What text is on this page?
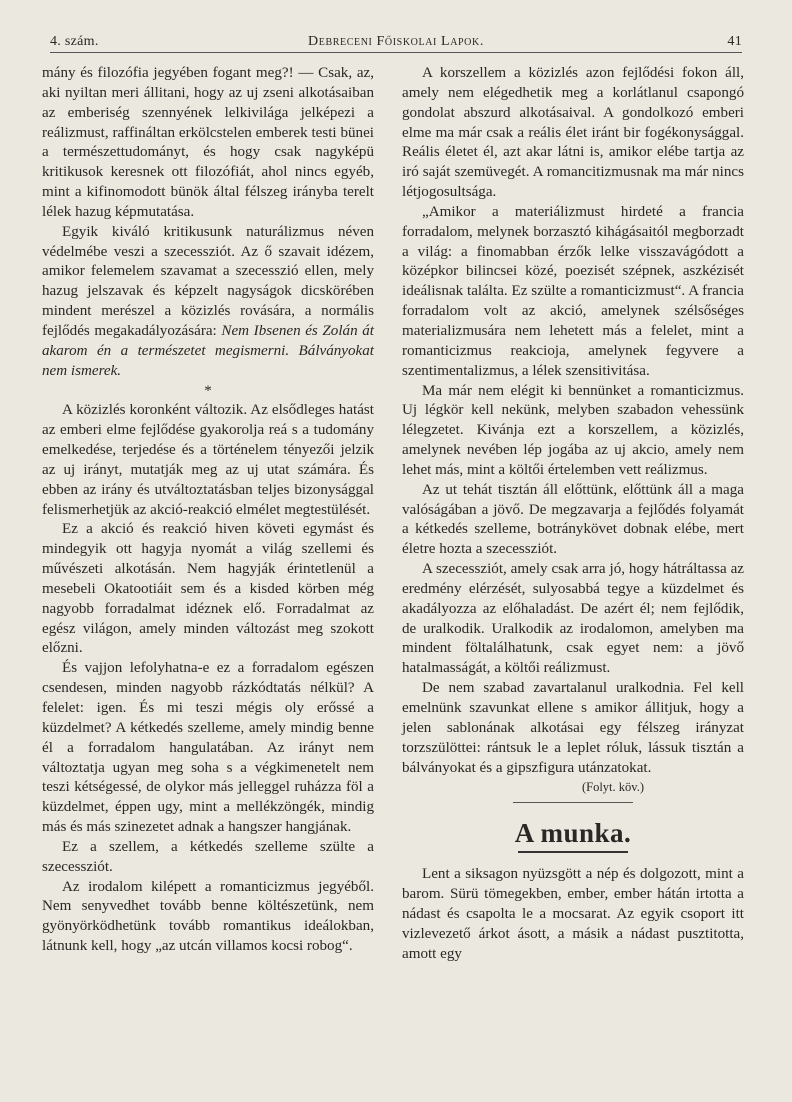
4. szám.	Debreceni Főiskolai Lapok.	41

mány és filozófia jegyében fogant meg?! — Csak, az, aki nyiltan meri állitani, hogy az uj zseni alkotásaiban az emberiség szennyének lelkivilága jelképezi a reálizmust, raffináltan erkölcstelen emberek testi bünei a természettudományt, és hogy csak nagyképü kritikusok keresnek ott filozófiát, ahol nincs egyéb, mint a kifinomodott bünök által félszeg irányba terelt lélek hazug képmutatása.

Egyik kiváló kritikusunk naturálizmus néven védelmébe veszi a szecessziót. Az ő szavait idézem, amikor felemelem szavamat a szecesszió ellen, mely hazug jelszavak és képzelt nagyságok dicskörében mindent merészel a közizlés rovására, a normális fejlődés megakadályozására: Nem Ibsenen és Zolán át akarom én a természetet megismerni. Bálványokat nem ismerek.

*

A közizlés koronként változik. Az elsődleges hatást az emberi elme fejlődése gyakorolja reá s a tudomány emelkedése, terjedése és a történelem tényezői jelzik az uj irányt, mutatják meg az uj utat számára. És ebben az irány és utváltoztatásban teljes bizonysággal felismerhetjük az akció-reakció elmélet megtestülését.

Ez a akció és reakció hiven követi egymást és mindegyik ott hagyja nyomát a világ szellemi és művészeti alkotásán. Nem hagyják érintetlenül a mesebeli Okatootiáit sem és a kisded körben még nagyobb forradalmat idéznek elő. Forradalmat az egész világon, amely minden változást meg szokott előzni.

És vajjon lefolyhatna-e ez a forradalom egészen csendesen, minden nagyobb rázkódtatás nélkül? A felelet: igen. És mi teszi mégis oly erőssé a küzdelmet? A kétkedés szelleme, amely mindig benne él a forradalom hangulatában. Az irányt nem változtatja ugyan meg soha s a végkimenetelt nem teszi kétségessé, de olykor más jelleggel ruházza föl a küzdelmet, éppen ugy, mint a mellékzöngék, mindig más és más szinezetet adnak a hangszer hangjának.

Ez a szellem, a kétkedés szelleme szülte a szecessziót.

Az irodalom kilépett a romanticizmus jegyéből. Nem senyvedhet tovább benne költészetünk, nem gyönyörködhetünk tovább romantikus ideálokban, látnunk kell, hogy „az utcán villamos kocsi robog“.

A korszellem a közizlés azon fejlődési fokon áll, amely nem elégedhetik meg a korlátlanul csapongó gondolat abszurd alkotásaival. A gondolkozó emberi elme ma már csak a reális élet iránt bir fogékonysággal. Reális életet él, azt akar látni is, amikor elébe tartja az iró saját szemüvegét. A romancitizmusnak ma már nincs létjogosultsága.

„Amikor a materiálizmust hirdeté a francia forradalom, melynek borzasztó kihágásaitól megborzadt a világ: a finomabban érzők lelke visszavágódott a középkor bilincsei közé, poezisét szépnek, aszkézisét ideálisnak találta. Ez szülte a romanticizmust“. A francia forradalom volt az akció, amelynek szélsőséges materializmusára nem lehetett más a felelet, mint a romanticizmus reakcioja, amelynek fegyvere a szentimentalizmus, a lélek szensitivitása.

Ma már nem elégit ki bennünket a romanticizmus. Uj légkör kell nekünk, melyben szabadon vehessünk lélegzetet. Kivánja ezt a korszellem, a közizlés, amelynek nevében lép jogába az uj akcio, amely nem lehet más, mint a költői értelemben vett reálizmus.

Az ut tehát tisztán áll előttünk, előttünk áll a maga valóságában a jövő. De megzavarja a fejlődés folyamát a kétkedés szelleme, botránykövet dobnak elébe, mert életre hozta a szecessziót.

A szecessziót, amely csak arra jó, hogy hátráltassa az eredmény elérzését, sulyosabbá tegye a küzdelmet és akadályozza az előhaladást. De azért él; nem fejlődik, de uralkodik. Uralkodik az irodalomon, amelyben ma mindent föltalálhatunk, csak egyet nem: a jövő hatalmasságát, a költői reálizmust.

De nem szabad zavartalanul uralkodnia. Fel kell emelnünk szavunkat ellene s amikor állitjuk, hogy a jelen sablonának alkotásai egy félszeg irányzat torzszülöttei: rántsuk le a leplet róluk, lássuk tisztán a bálványokat és a gipszfigura utánzatokat.

(Folyt. köv.)

A munka.

Lent a siksagon nyüzsgött a nép és dolgozott, mint a barom. Sürü tömegekben, ember, ember hátán irtotta a nádast és csapolta le a mocsarat. Az egyik csoport itt vizlevezető árkot ásott, a másik a nádast pusztitotta, amott egy
